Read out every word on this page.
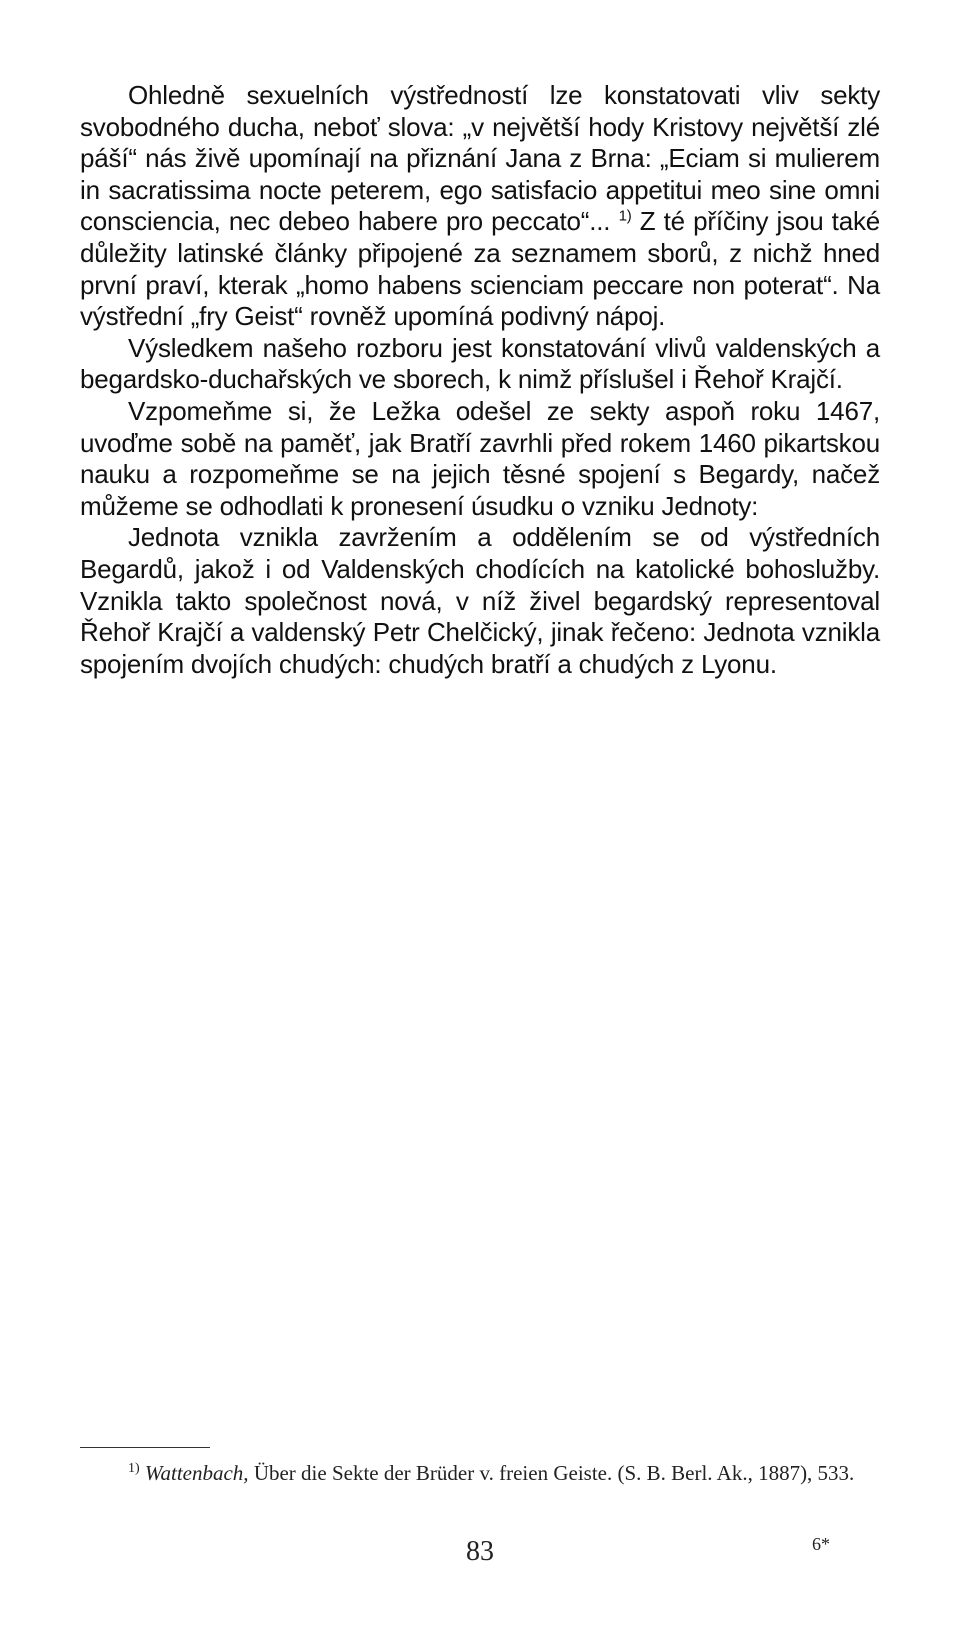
Ohledně sexuelních výstředností lze konstatovati vliv sekty svobodného ducha, neboť slova: „v největší hody Kristovy největší zlé páší“ nás živě upomínají na přiznání Jana z Brna: „Eciam si mulierem in sacratissima nocte peterem, ego satisfacio appetitui meo sine omni consciencia, nec debeo habere pro peccato“... $^{1)}$ Z té příčiny jsou také důležity latinské články připojené za seznamem sborů, z nichž hned první praví, kterak „homo habens scienciam peccare non poterat“. Na výstřední „fry Geist“ rovněž upomíná podivný nápoj.

Výsledkem našeho rozboru jest konstatování vlivů valdenských a begardsko-duchařských ve sborech, k nimž příslušel i Řehoř Krajčí.

Vzpomeňme si, že Ležka odešel ze sekty aspoň roku 1467, uvoďme sobě na paměť, jak Bratří zavrhli před rokem 1460 pikartskou nauku a rozpomeňme se na jejich těsné spojení s Begardy, načež můžeme se odhodlati k pronesení úsudku o vzniku Jednoty:

Jednota vznikla zavržením a oddělením se od výstředních Begardů, jakož i od Valdenských chodících na katolické bohoslužby. Vznikla takto společnost nová, v níž živel begardský representoval Řehoř Krajčí a valdenský Petr Chelčický, jinak řečeno: Jednota vznikla spojením dvojích chudých: chudých bratří a chudých z Lyonu.

$^{1)}$ Wattenbach, Über die Sekte der Brüder v. freien Geiste. (S. B. Berl. Ak., 1887), 533.
83	6*
